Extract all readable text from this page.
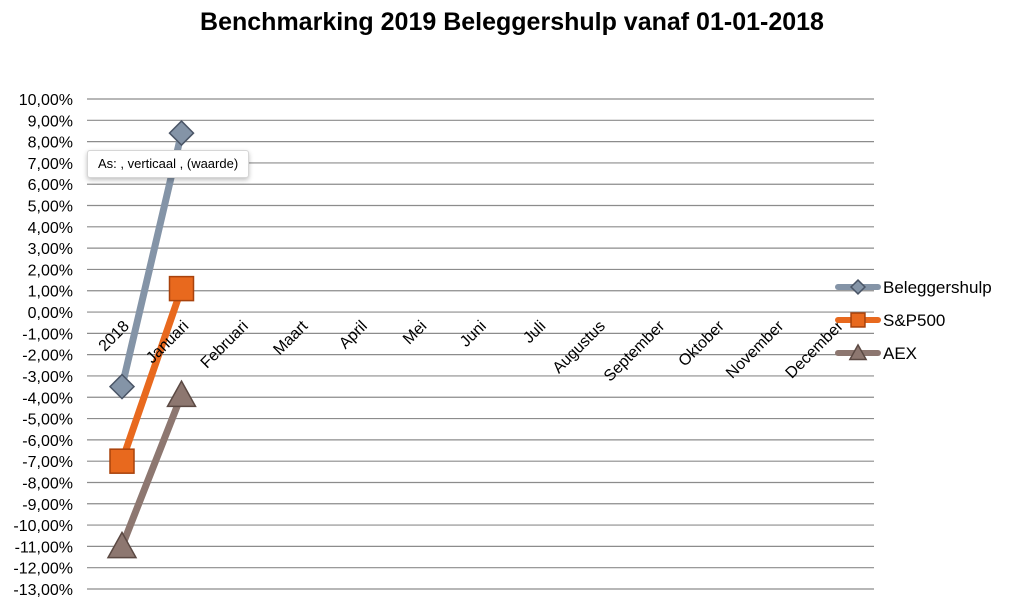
Benchmarking 2019 Beleggershulp vanaf 01-01-2018
10,00%
9,00%
8,00%
7,00%
6,00%
5,00%
4,00%
3,00%
2,00%
1,00%
0,00%
-1,00%
-2,00%
-3,00%
-4,00%
-5,00%
-6,00%
-7,00%
-8,00%
-9,00%
-10,00%
-11,00%
-12,00%
-13,00%
2018 Januari Februari Maart April Mei Juni Juli Augustus
September Oktober
November
December
Beleggershulp
S&P500
AEX
As: , verticaal , (waarde)
